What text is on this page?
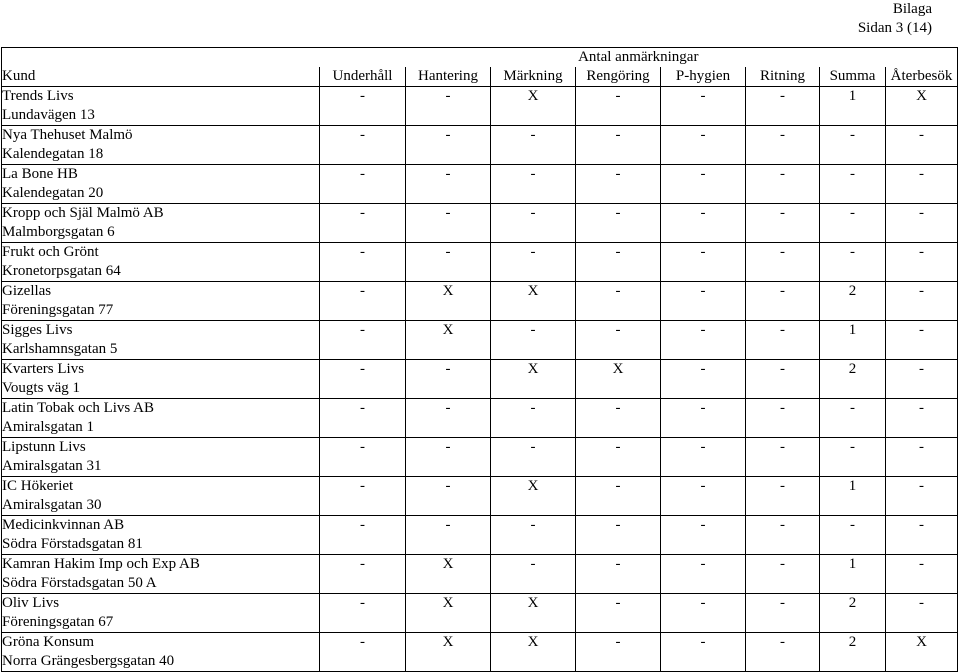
Bilaga
Sidan 3 (14)
	Antal anmärkningar							
Kund	Underhåll	Hantering	Märkning	Rengöring	P-hygien	Ritning	Summa	Återbesök
Trends Livs	-	-	X	-	-	-	1	X
Lundavägen 13								
Nya Thehuset Malmö	-	-	-	-	-	-	-	-
Kalendegatan 18								
La Bone HB	-	-	-	-	-	-	-	-
Kalendegatan 20								
Kropp och Själ Malmö AB	-	-	-	-	-	-	-	-
Malmborgsgatan 6								
Frukt och Grönt	-	-	-	-	-	-	-	-
Kronetorpsgatan 64								
Gizellas	-	X	X	-	-	-	2	-
Föreningsgatan 77								
Sigges Livs	-	X	-	-	-	-	1	-
Karlshamnsgatan 5								
Kvarters Livs	-	-	X	X	-	-	2	-
Vougts väg 1								
Latin Tobak och Livs AB	-	-	-	-	-	-	-	-
Amiralsgatan 1								
Lipstunn Livs	-	-	-	-	-	-	-	-
Amiralsgatan 31								
IC Hökeriet	-	-	X	-	-	-	1	-
Amiralsgatan 30								
Medicinkvinnan AB	-	-	-	-	-	-	-	-
Södra Förstadsgatan 81								
Kamran Hakim Imp och Exp AB	-	X	-	-	-	-	1	-
Södra Förstadsgatan 50 A								
Oliv Livs	-	X	X	-	-	-	2	-
Föreningsgatan 67								
Gröna Konsum	-	X	X	-	-	-	2	X
Norra Grängesbergsgatan 40								
